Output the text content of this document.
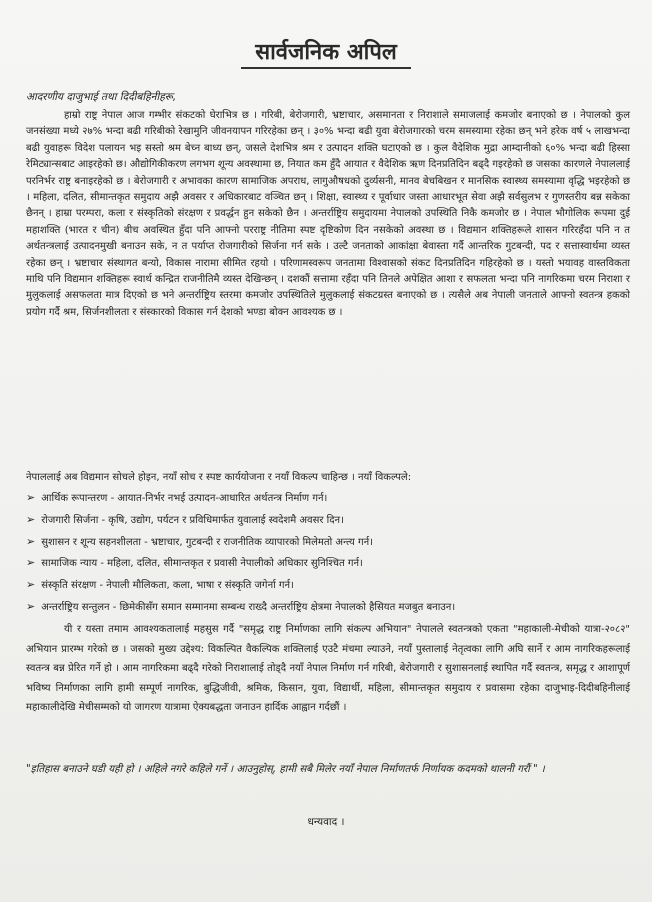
सार्वजनिक अपिल
आदरणीय दाजुभाई तथा दिदीबहिनीहरू,
हाम्रो राष्ट्र नेपाल आज गम्भीर संकटको घेराभित्र छ । गरिबी, बेरोजगारी, भ्रष्टाचार, असमानता र निराशाले समाजलाई कमजोर बनाएको छ । नेपालको कुल जनसंख्या मध्ये २७% भन्दा बढी गरिबीको रेखामुनि जीवनयापन गरिरहेका छन् । ३०% भन्दा बढी युवा बेरोजगारको चरम समस्यामा रहेका छन् भने हरेक वर्ष ५ लाखभन्दा बढी युवाहरू विदेश पलायन भइ सस्तो श्रम बेच्न बाध्य छन्, जसले देशभित्र श्रम र उत्पादन शक्ति घटाएको छ । कुल वैदेशिक मुद्रा आम्दानीको ६०% भन्दा बढी हिस्सा रेमिट्यान्सबाट आइरहेको छ। औद्योगिकीकरण लगभग शून्य अवस्थामा छ, नियात कम हुँदै आयात र वैदेशिक ऋण दिनप्रतिदिन बढ्दै गइरहेको छ जसका कारणले नेपाललाई परनिर्भर राष्ट्र बनाइरहेको छ । बेरोजगारी र अभावका कारण सामाजिक अपराध, लागुऔषधको दुर्व्यसनी, मानव बेचबिखन र मानसिक स्वास्थ्य समस्यामा वृद्धि भइरहेको छ । महिला, दलित, सीमान्तकृत समुदाय अझै अवसर र अधिकारबाट वञ्चित छन् । शिक्षा, स्वास्थ्य र पूर्वाधार जस्ता आधारभूत सेवा अझै सर्वसुलभ र गुणस्तरीय बन्न सकेका छैनन् । हाम्रा परम्परा, कला र संस्कृतिको संरक्षण र प्रवर्द्धन हुन सकेको छैन । अन्तर्राष्ट्रिय समुदायमा नेपालको उपस्थिति निकै कमजोर छ । नेपाल भौगोलिक रूपमा दुई महाशक्ति (भारत र चीन) बीच अवस्थित हुँदा पनि आफ्नो परराष्ट्र नीतिमा स्पष्ट दृष्टिकोण दिन नसकेको अवस्था छ । विद्यमान शक्तिहरूले शासन गरिरहँदा पनि न त अर्थतन्त्रलाई उत्पादनमुखी बनाउन सके, न त पर्याप्त रोजगारीको सिर्जना गर्न सके । उल्टै जनताको आकांक्षा बेवास्ता गर्दै आन्तरिक गुटबन्दी, पद र सत्तास्वार्थमा व्यस्त रहेका छन् । भ्रष्टाचार संस्थागत बन्यो, विकास नारामा सीमित रहयो । परिणामस्वरूप जनतामा विश्वासको संकट दिनप्रतिदिन गहिरहेको छ । यस्तो भयावह वास्तविकता माथि पनि विद्यमान शक्तिहरू स्वार्थ कन्द्रित राजनीतिमै व्यस्त देखिन्छन् । दशकौं सत्तामा रहँदा पनि तिनले अपेक्षित आशा र सफलता भन्दा पनि नागरिकमा चरम निराशा र मुलुकलाई असफलता मात्र दिएको छ भने अन्तर्राष्ट्रिय स्तरमा कमजोर उपस्थितिले मुलुकलाई संकटग्रस्त बनाएको छ । त्यसैले अब नेपाली जनताले आफ्नो स्वतन्त्र हकको प्रयोग गर्दै श्रम, सिर्जनशीलता र संस्कारको विकास गर्न देशको भण्डा बोक्न आवश्यक छ ।
नेपाललाई अब विद्यमान सोचले होइन, नयाँ सोच र स्पष्ट कार्ययोजना र नयाँ विकल्प चाहिन्छ । नयाँ विकल्पले:
➢ आर्थिक रूपान्तरण - आयात-निर्भर नभई उत्पादन-आधारित अर्थतन्त्र निर्माण गर्न।
➢ रोजगारी सिर्जना - कृषि, उद्योग, पर्यटन र प्रविधिमार्फत युवालाई स्वदेशमै अवसर दिन।
➢ सुशासन र शून्य सहनशीलता - भ्रष्टाचार, गुटबन्दी र राजनीतिक व्यापारको मिलेमतो अन्त्य गर्न।
➢ सामाजिक न्याय - महिला, दलित, सीमान्तकृत र प्रवासी नेपालीको अधिकार सुनिश्चित गर्न।
➢ संस्कृति संरक्षण - नेपाली मौलिकता, कला, भाषा र संस्कृति जगेर्ना गर्न।
➢ अन्तर्राष्ट्रिय सन्तुलन - छिमेकीसँग समान सम्मानमा सम्बन्ध राख्दै अन्तर्राष्ट्रिय क्षेत्रमा नेपालको हैसियत मजबुत बनाउन।
यी र यस्ता तमाम आवश्यकतालाई महसुस गर्दै "समृद्ध राष्ट्र निर्माणका लागि संकल्प अभियान" नेपालले स्वतन्त्रको एकता "महाकाली-मेचीको यात्रा-२०८२" अभियान प्रारम्भ गरेको छ । जसको मुख्य उद्देश्य: विकल्पित वैकल्पिक शक्तिलाई एउटै मंचमा ल्याउने, नयाँ पुस्तालाई नेतृत्वका लागि अघि सार्ने र आम नागरिकहरूलाई स्वतन्त्र बन्न प्रेरित गर्ने हो । आम नागरिकमा बढ्दै गरेको निराशालाई तोड्दै नयाँ नेपाल निर्माण गर्न गरिबी, बेरोजगारी र सुशासनलाई स्थापित गर्दै स्वतन्त्र, समृद्ध र आशापूर्ण भविष्य निर्माणका लागि हामी सम्पूर्ण नागरिक, बुद्धिजीवी, श्रमिक, किसान, युवा, विद्यार्थी, महिला, सीमान्तकृत समुदाय र प्रवासमा रहेका दाजुभाइ-दिदीबहिनीलाई महाकालीदेखि मेचीसम्मको यो जागरण यात्रामा ऐक्यबद्धता जनाउन हार्दिक आह्वान गर्दछौं ।
"इतिहास बनाउने घडी यही हो । अहिले नगरे कहिले गर्ने । आउनुहोस्, हामी सबै मिलेर नयाँ नेपाल निर्माणतर्फ निर्णायक कदमको थालनी गरौं " ।
धन्यवाद ।
